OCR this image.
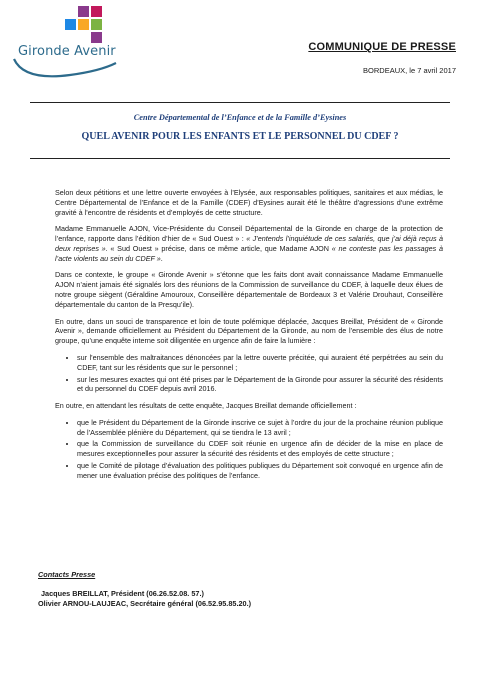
Gironde Avenir	COMMUNIQUE DE PRESSE
BORDEAUX, le 7 avril 2017
Centre Départemental de l’Enfance et de la Famille d’Eysines
QUEL AVENIR POUR LES ENFANTS ET LE PERSONNEL DU CDEF ?

Selon deux pétitions et une lettre ouverte envoyées à l’Elysée, aux responsables politiques, sanitaires et aux médias, le Centre Départemental de l’Enfance et de la Famille (CDEF) d’Eysines aurait été le théâtre d’agressions d’une extrême gravité à l’encontre de résidents et d’employés de cette structure.

Madame Emmanuelle AJON, Vice-Présidente du Conseil Départemental de la Gironde en charge de la protection de l’enfance, rapporte dans l’édition d’hier de « Sud Ouest » : « J’entends l’inquiétude de ces salariés, que j’ai déjà reçus à deux reprises ». « Sud Ouest » précise, dans ce même article, que Madame AJON « ne conteste pas les passages à l’acte violents au sein du CDEF ».

Dans ce contexte, le groupe « Gironde Avenir » s’étonne que les faits dont avait connaissance Madame Emmanuelle AJON n’aient jamais été signalés lors des réunions de la Commission de surveillance du CDEF, à laquelle deux élues de notre groupe siègent (Géraldine Amouroux, Conseillère départementale de Bordeaux 3 et Valérie Drouhaut, Conseillère départementale du canton de la Presqu’ile).

En outre, dans un souci de transparence et loin de toute polémique déplacée, Jacques Breillat, Président de « Gironde Avenir », demande officiellement au Président du Département de la Gironde, au nom de l’ensemble des élus de notre groupe, qu’une enquête interne soit diligentée en urgence afin de faire la lumière :

• sur l’ensemble des maltraitances dénoncées par la lettre ouverte précitée, qui auraient été perpétrées au sein du CDEF, tant sur les résidents que sur le personnel ;
• sur les mesures exactes qui ont été prises par le Département de la Gironde pour assurer la sécurité des résidents et du personnel du CDEF depuis avril 2016.

En outre, en attendant les résultats de cette enquête, Jacques Breillat demande officiellement :

• que le Président du Département de la Gironde inscrive ce sujet à l’ordre du jour de la prochaine réunion publique de l’Assemblée plénière du Département, qui se tiendra le 13 avril ;
• que la Commission de surveillance du CDEF soit réunie en urgence afin de décider de la mise en place de mesures exceptionnelles pour assurer la sécurité des résidents et des employés de cette structure ;
• que le Comité de pilotage d’évaluation des politiques publiques du Département soit convoqué en urgence afin de mener une évaluation précise des politiques de l’enfance.
Contacts Presse
Jacques BREILLAT, Président (06.26.52.08. 57.)
Olivier ARNOU-LAUJEAC, Secrétaire général (06.52.95.85.20.)
